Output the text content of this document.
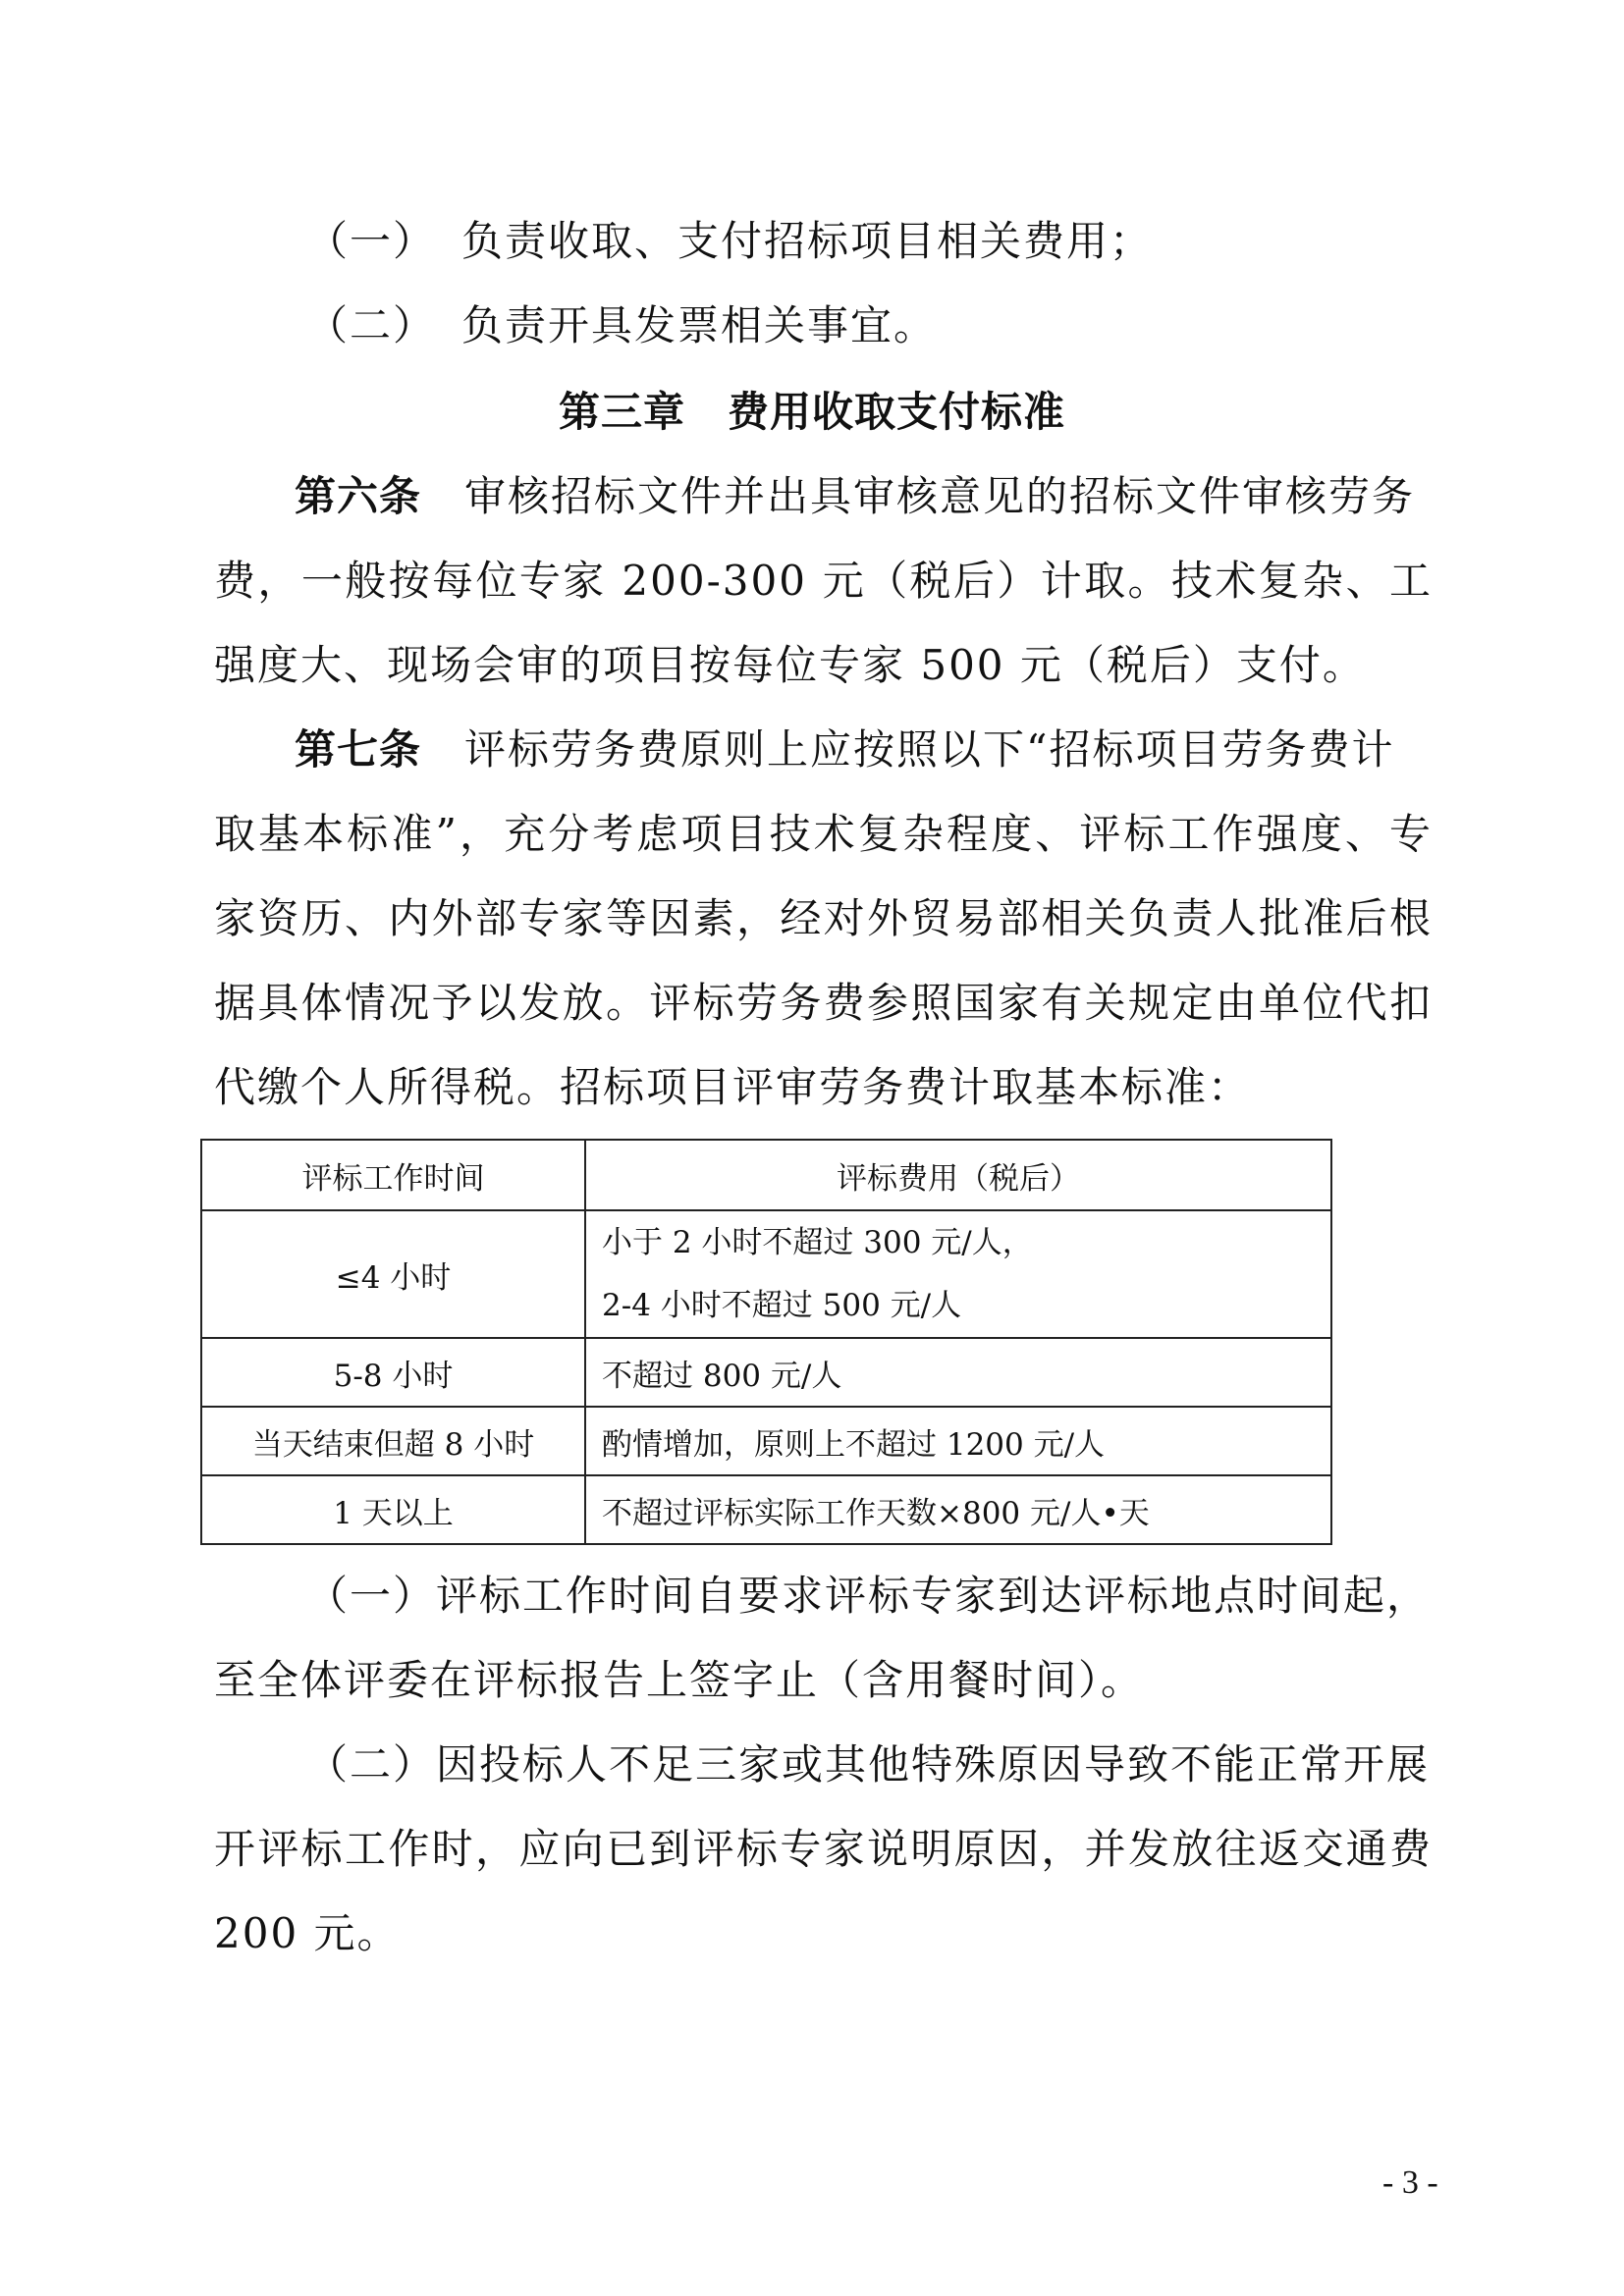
（一） 负责收取、支付招标项目相关费用；

（二） 负责开具发票相关事宜。

第三章　费用收取支付标准

第六条 审核招标文件并出具审核意见的招标文件审核劳务

费，一般按每位专家 200-300 元（税后）计取。技术复杂、工

强度大、现场会审的项目按每位专家 500 元（税后）支付。

第七条 评标劳务费原则上应按照以下“招标项目劳务费计

取基本标准”，充分考虑项目技术复杂程度、评标工作强度、专

家资历、内外部专家等因素，经对外贸易部相关负责人批准后根

据具体情况予以发放。评标劳务费参照国家有关规定由单位代扣

代缴个人所得税。招标项目评审劳务费计取基本标准：

评标工作时间	评标费用（税后）
≤4 小时	小于 2 小时不超过 300 元/人，
2-4 小时不超过 500 元/人

5-8 小时	不超过 800 元/人
当天结束但超 8 小时	酌情增加，原则上不超过 1200 元/人
1 天以上	不超过评标实际工作天数×800 元/人•天

（一）评标工作时间自要求评标专家到达评标地点时间起，

至全体评委在评标报告上签字止（含用餐时间）。

（二）因投标人不足三家或其他特殊原因导致不能正常开展

开评标工作时，应向已到评标专家说明原因，并发放往返交通费

200 元。

- 3 -
